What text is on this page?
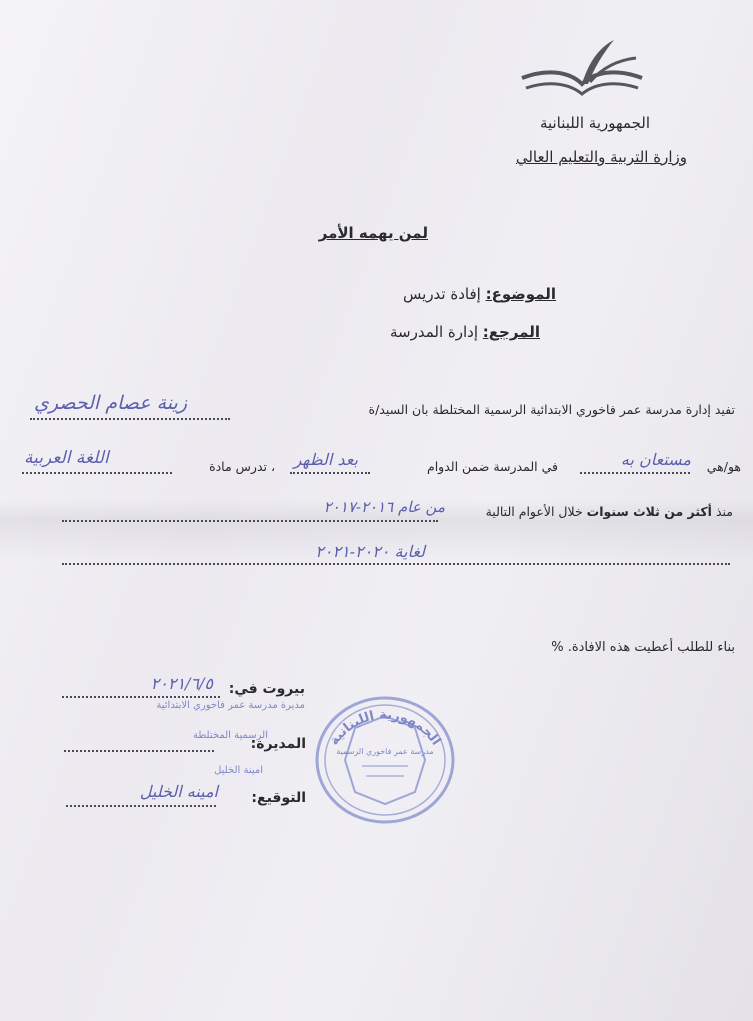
الجمهورية اللبنانية
وزارة التربية والتعليم العالي
لمن يهمه الأمر
الموضوع: إفادة تدريس
المرجع: إدارة المدرسة
تفيد إدارة مدرسة عمر فاخوري الابتدائية الرسمية المختلطة بان السيد/ة
زينة عصام الحصري
هو/هي
مستعان به
في المدرسة ضمن الدوام
بعد الظهر
، تدرس مادة
اللغة العربية
منذ أكثر من ثلاث سنوات خلال الأعوام التالية
من عام ٢٠١٦-٢٠١٧
لغاية ٢٠٢٠-٢٠٢١
بناء للطلب أعطيت هذه الافادة. %
بيروت في:
٢٠٢١/٦/٥
مديرة مدرسة عمر فاخوري الابتدائية
الرسمية المختلطة
المديرة:
امينة الخليل
التوقيع:
امينه الخليل
الجمهورية اللبنانية
مدرسة عمر فاخوري الرسمية
